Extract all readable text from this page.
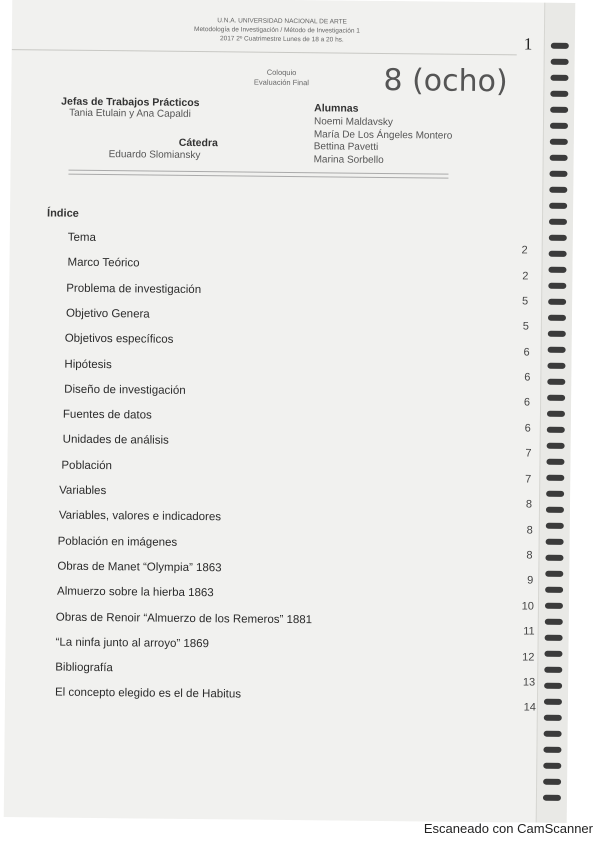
U.N.A. UNIVERSIDAD NACIONAL DE ARTE
Metodología de Investigación / Método de Investigación 1
2017 2º Cuatrimestre Lunes de 18 a 20 hs.	1
Coloquio
Evaluación Final	8 (ocho)
Jefas de Trabajos Prácticos
Tania Etulain y Ana Capaldi
Cátedra
Eduardo Slomiansky
Alumnas
Noemi Maldavsky
María De Los Ángeles Montero
Bettina Pavetti
Marina Sorbello
Índice
Tema
2
Marco Teórico
2
Problema de investigación
5
Objetivo Genera
5
Objetivos específicos
6
Hipótesis
6
Diseño de investigación
6
Fuentes de datos
6
Unidades de análisis
7
Población
7
Variables
8
Variables, valores e indicadores
8
Población en imágenes
8
Obras de Manet “Olympia” 1863
9
Almuerzo sobre la hierba 1863
10
Obras de Renoir “Almuerzo de los Remeros” 1881
11
“La ninfa junto al arroyo” 1869
12
Bibliografía
13
El concepto elegido es el de Habitus
14
Escaneado con CamScanner
